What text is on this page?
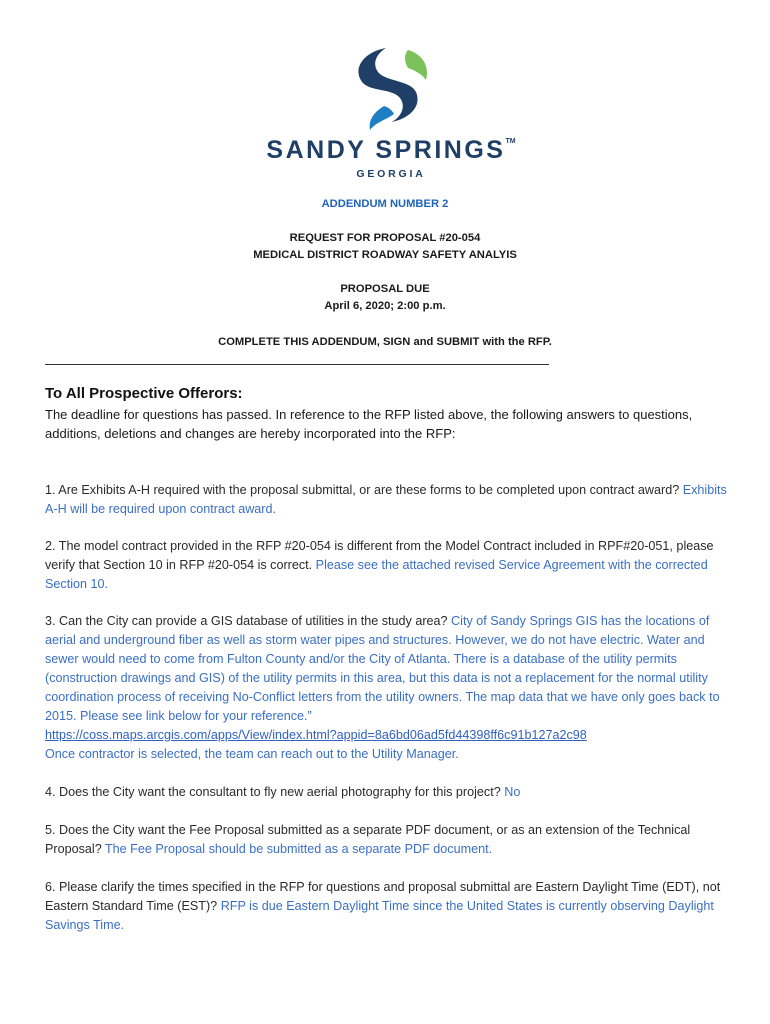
SANDY SPRINGS™
GEORGIA
ADDENDUM NUMBER 2
REQUEST FOR PROPOSAL #20-054
MEDICAL DISTRICT ROADWAY SAFETY ANALYIS
PROPOSAL DUE
April 6, 2020; 2:00 p.m.
COMPLETE THIS ADDENDUM, SIGN and SUBMIT with the RFP.
To All Prospective Offerors:
The deadline for questions has passed. In reference to the RFP listed above, the following answers to questions, additions, deletions and changes are hereby incorporated into the RFP:
1. Are Exhibits A-H required with the proposal submittal, or are these forms to be completed upon contract award? Exhibits A-H will be required upon contract award.
2. The model contract provided in the RFP #20-054 is different from the Model Contract included in RPF#20-051, please verify that Section 10 in RFP #20-054 is correct. Please see the attached revised Service Agreement with the corrected Section 10.
3. Can the City can provide a GIS database of utilities in the study area? City of Sandy Springs GIS has the locations of aerial and underground fiber as well as storm water pipes and structures. However, we do not have electric. Water and sewer would need to come from Fulton County and/or the City of Atlanta. There is a database of the utility permits (construction drawings and GIS) of the utility permits in this area, but this data is not a replacement for the normal utility coordination process of receiving No-Conflict letters from the utility owners. The map data that we have only goes back to 2015. Please see link below for your reference.”
https://coss.maps.arcgis.com/apps/View/index.html?appid=8a6bd06ad5fd44398ff6c91b127a2c98
Once contractor is selected, the team can reach out to the Utility Manager.
4. Does the City want the consultant to fly new aerial photography for this project? No
5. Does the City want the Fee Proposal submitted as a separate PDF document, or as an extension of the Technical Proposal? The Fee Proposal should be submitted as a separate PDF document.
6. Please clarify the times specified in the RFP for questions and proposal submittal are Eastern Daylight Time (EDT), not Eastern Standard Time (EST)? RFP is due Eastern Daylight Time since the United States is currently observing Daylight Savings Time.
